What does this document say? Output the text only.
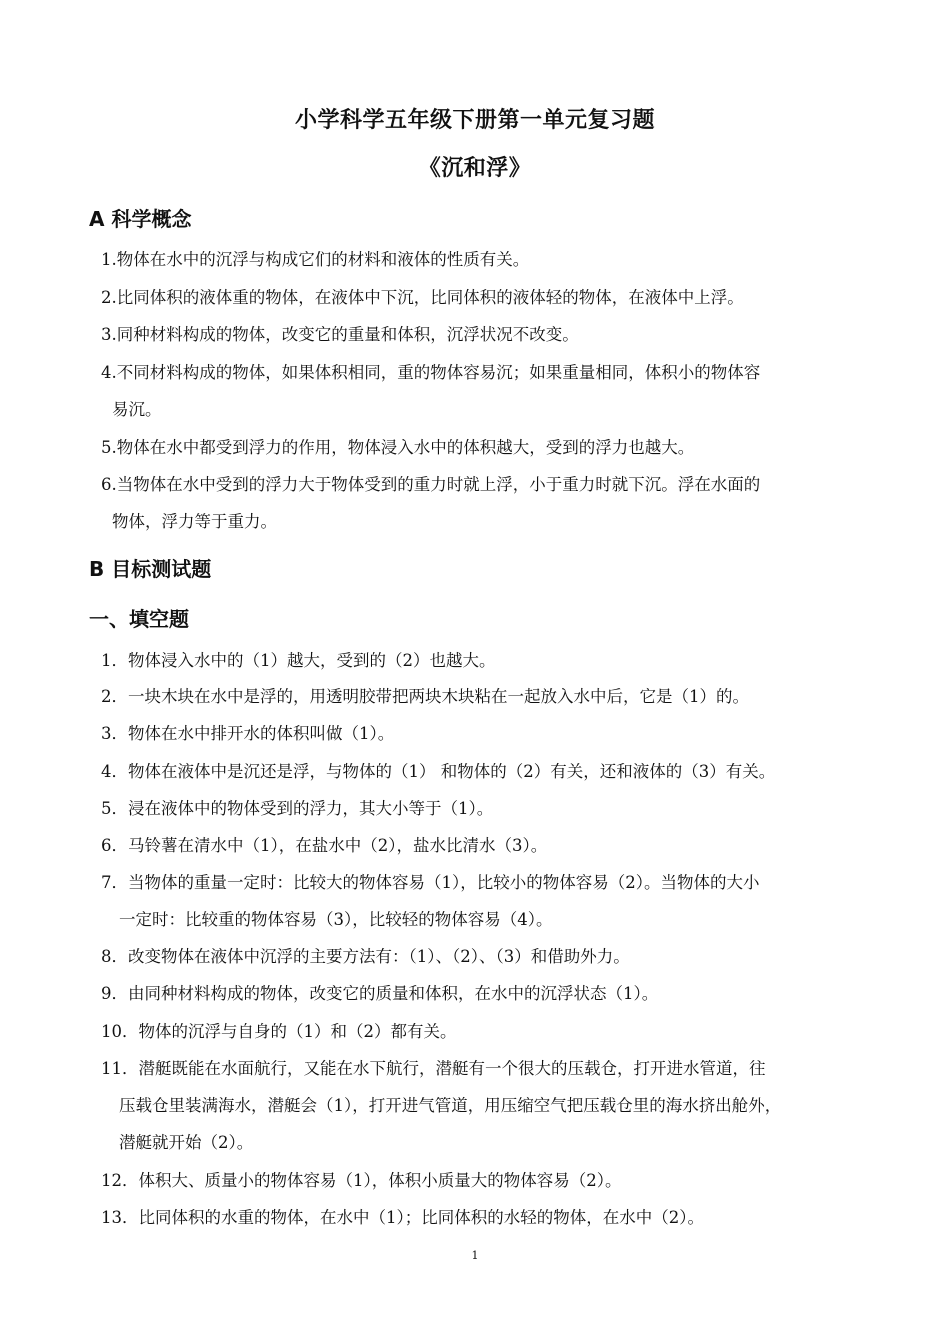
小学科学五年级下册第一单元复习题
《沉和浮》
A 科学概念
1.物体在水中的沉浮与构成它们的材料和液体的性质有关。
2.比同体积的液体重的物体，在液体中下沉，比同体积的液体轻的物体，在液体中上浮。
3.同种材料构成的物体，改变它的重量和体积，沉浮状况不改变。
4.不同材料构成的物体，如果体积相同，重的物体容易沉；如果重量相同，体积小的物体容
易沉。
5.物体在水中都受到浮力的作用，物体浸入水中的体积越大，受到的浮力也越大。
6.当物体在水中受到的浮力大于物体受到的重力时就上浮，小于重力时就下沉。浮在水面的
物体，浮力等于重力。
B 目标测试题
一、填空题
1．物体浸入水中的（1）越大，受到的（2）也越大。
2．一块木块在水中是浮的，用透明胶带把两块木块粘在一起放入水中后，它是（1）的。
3．物体在水中排开水的体积叫做（1）。
4．物体在液体中是沉还是浮，与物体的（1） 和物体的（2）有关，还和液体的（3）有关。
5．浸在液体中的物体受到的浮力，其大小等于（1）。
6．马铃薯在清水中（1），在盐水中（2），盐水比清水（3）。
7．当物体的重量一定时：比较大的物体容易（1），比较小的物体容易（2）。当物体的大小
一定时：比较重的物体容易（3），比较轻的物体容易（4）。
8．改变物体在液体中沉浮的主要方法有：（1）、（2）、（3）和借助外力。
9．由同种材料构成的物体，改变它的质量和体积，在水中的沉浮状态（1）。
10．物体的沉浮与自身的（1）和（2）都有关。
11．潜艇既能在水面航行，又能在水下航行，潜艇有一个很大的压载仓，打开进水管道，往
压载仓里装满海水，潜艇会（1），打开进气管道，用压缩空气把压载仓里的海水挤出舱外，
潜艇就开始（2）。
12．体积大、质量小的物体容易（1），体积小质量大的物体容易（2）。
13．比同体积的水重的物体，在水中（1）；比同体积的水轻的物体，在水中（2）。
1
